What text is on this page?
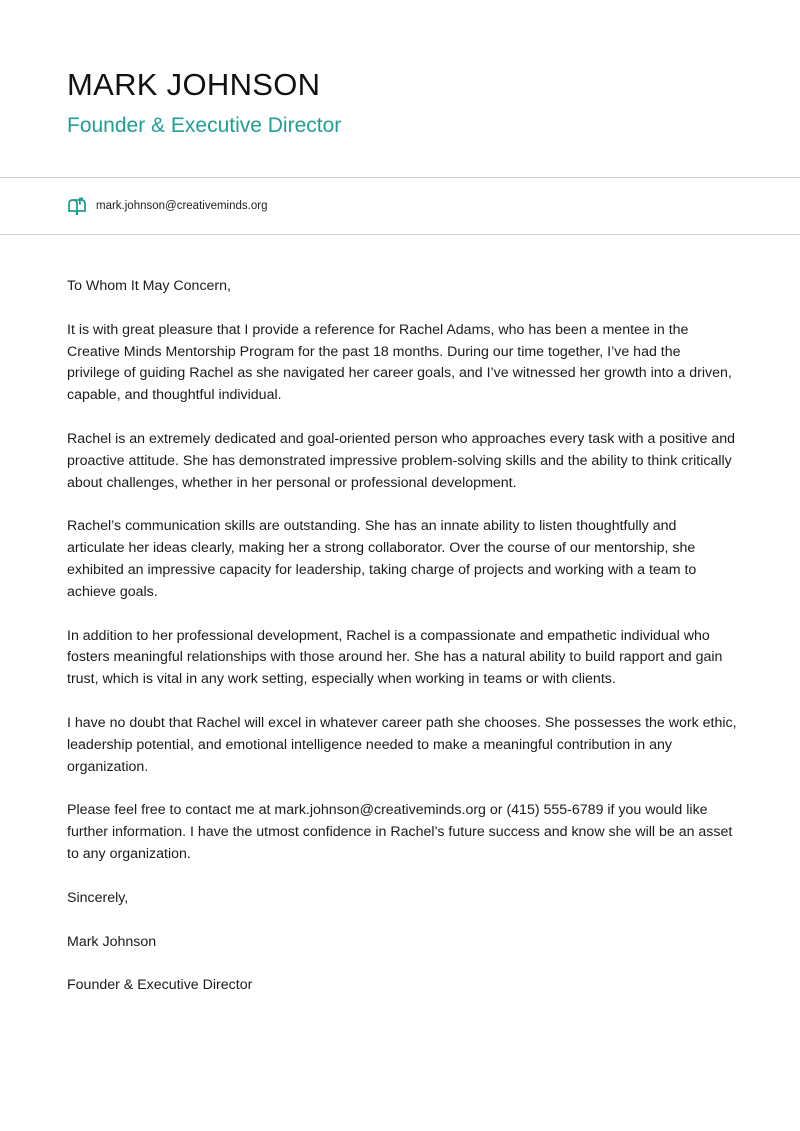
MARK JOHNSON
Founder & Executive Director
mark.johnson@creativeminds.org

To Whom It May Concern,

It is with great pleasure that I provide a reference for Rachel Adams, who has been a mentee in the Creative Minds Mentorship Program for the past 18 months. During our time together, I’ve had the privilege of guiding Rachel as she navigated her career goals, and I’ve witnessed her growth into a driven, capable, and thoughtful individual.

Rachel is an extremely dedicated and goal-oriented person who approaches every task with a positive and proactive attitude. She has demonstrated impressive problem-solving skills and the ability to think critically about challenges, whether in her personal or professional development.

Rachel’s communication skills are outstanding. She has an innate ability to listen thoughtfully and articulate her ideas clearly, making her a strong collaborator. Over the course of our mentorship, she exhibited an impressive capacity for leadership, taking charge of projects and working with a team to achieve goals.

In addition to her professional development, Rachel is a compassionate and empathetic individual who fosters meaningful relationships with those around her. She has a natural ability to build rapport and gain trust, which is vital in any work setting, especially when working in teams or with clients.

I have no doubt that Rachel will excel in whatever career path she chooses. She possesses the work ethic, leadership potential, and emotional intelligence needed to make a meaningful contribution in any organization.

Please feel free to contact me at mark.johnson@creativeminds.org or (415) 555-6789 if you would like further information. I have the utmost confidence in Rachel’s future success and know she will be an asset to any organization.

Sincerely,

Mark Johnson

Founder & Executive Director
